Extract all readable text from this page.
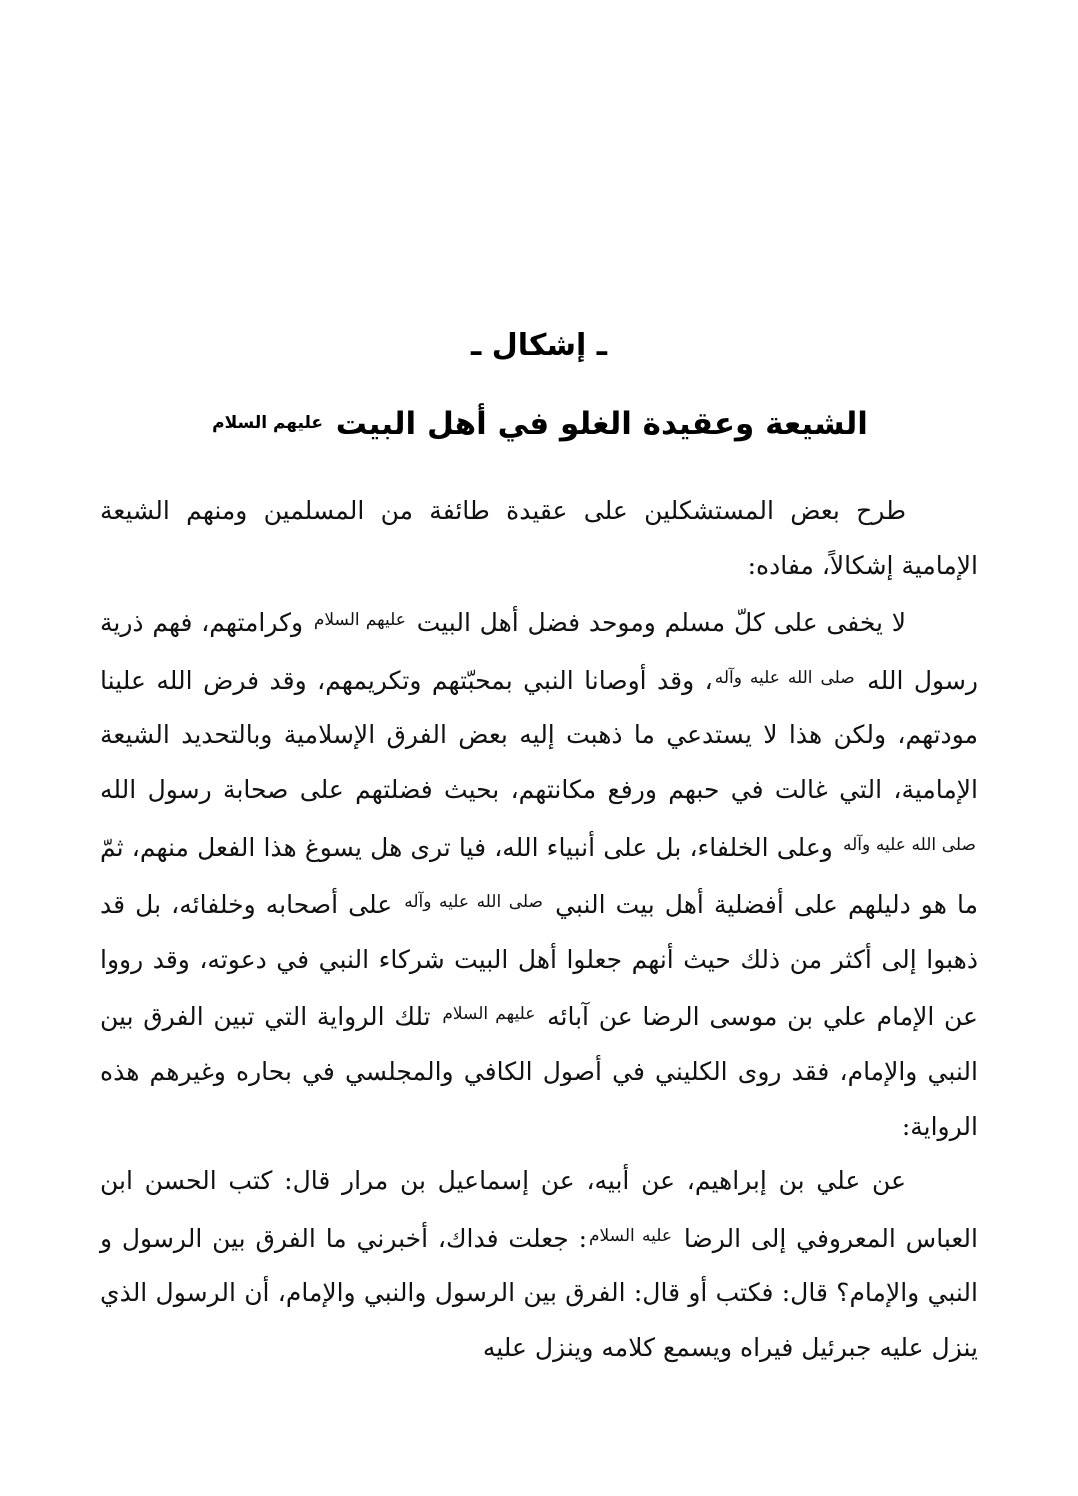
ـ إشكال ـ
الشيعة وعقيدة الغلو في أهل البيت عليهم السلام

طرح بعض المستشكلين على عقيدة طائفة من المسلمين ومنهم الشيعة الإمامية إشكالاً، مفاده:

لا يخفى على كلّ مسلم وموحد فضل أهل البيت $^{عليهم السلام}$ وكرامتهم، فهم ذرية رسول الله $^{صلى الله عليه وآله}$، وقد أوصانا النبي بمحبّتهم وتكريمهم، وقد فرض الله علينا مودتهم، ولكن هذا لا يستدعي ما ذهبت إليه بعض الفرق الإسلامية وبالتحديد الشيعة الإمامية، التي غالت في حبهم ورفع مكانتهم، بحيث فضلتهم على صحابة رسول الله $^{صلى الله عليه وآله}$ وعلى الخلفاء، بل على أنبياء الله، فيا ترى هل يسوغ هذا الفعل منهم، ثمّ ما هو دليلهم على أفضلية أهل بيت النبي $^{صلى الله عليه وآله}$ على أصحابه وخلفائه، بل قد ذهبوا إلى أكثر من ذلك حيث أنهم جعلوا أهل البيت شركاء النبي في دعوته، وقد رووا عن الإمام علي بن موسى الرضا عن آبائه $^{عليهم السلام}$ تلك الرواية التي تبين الفرق بين النبي والإمام، فقد روى الكليني في أصول الكافي والمجلسي في بحاره وغيرهم هذه الرواية:

عن علي بن إبراهيم، عن أبيه، عن إسماعيل بن مرار قال: كتب الحسن ابن العباس المعروفي إلى الرضا $^{عليه السلام}$: جعلت فداك، أخبرني ما الفرق بين الرسول و النبي والإمام؟ قال: فكتب أو قال: الفرق بين الرسول والنبي والإمام، أن الرسول الذي ينزل عليه جبرئيل فيراه ويسمع كلامه وينزل عليه
